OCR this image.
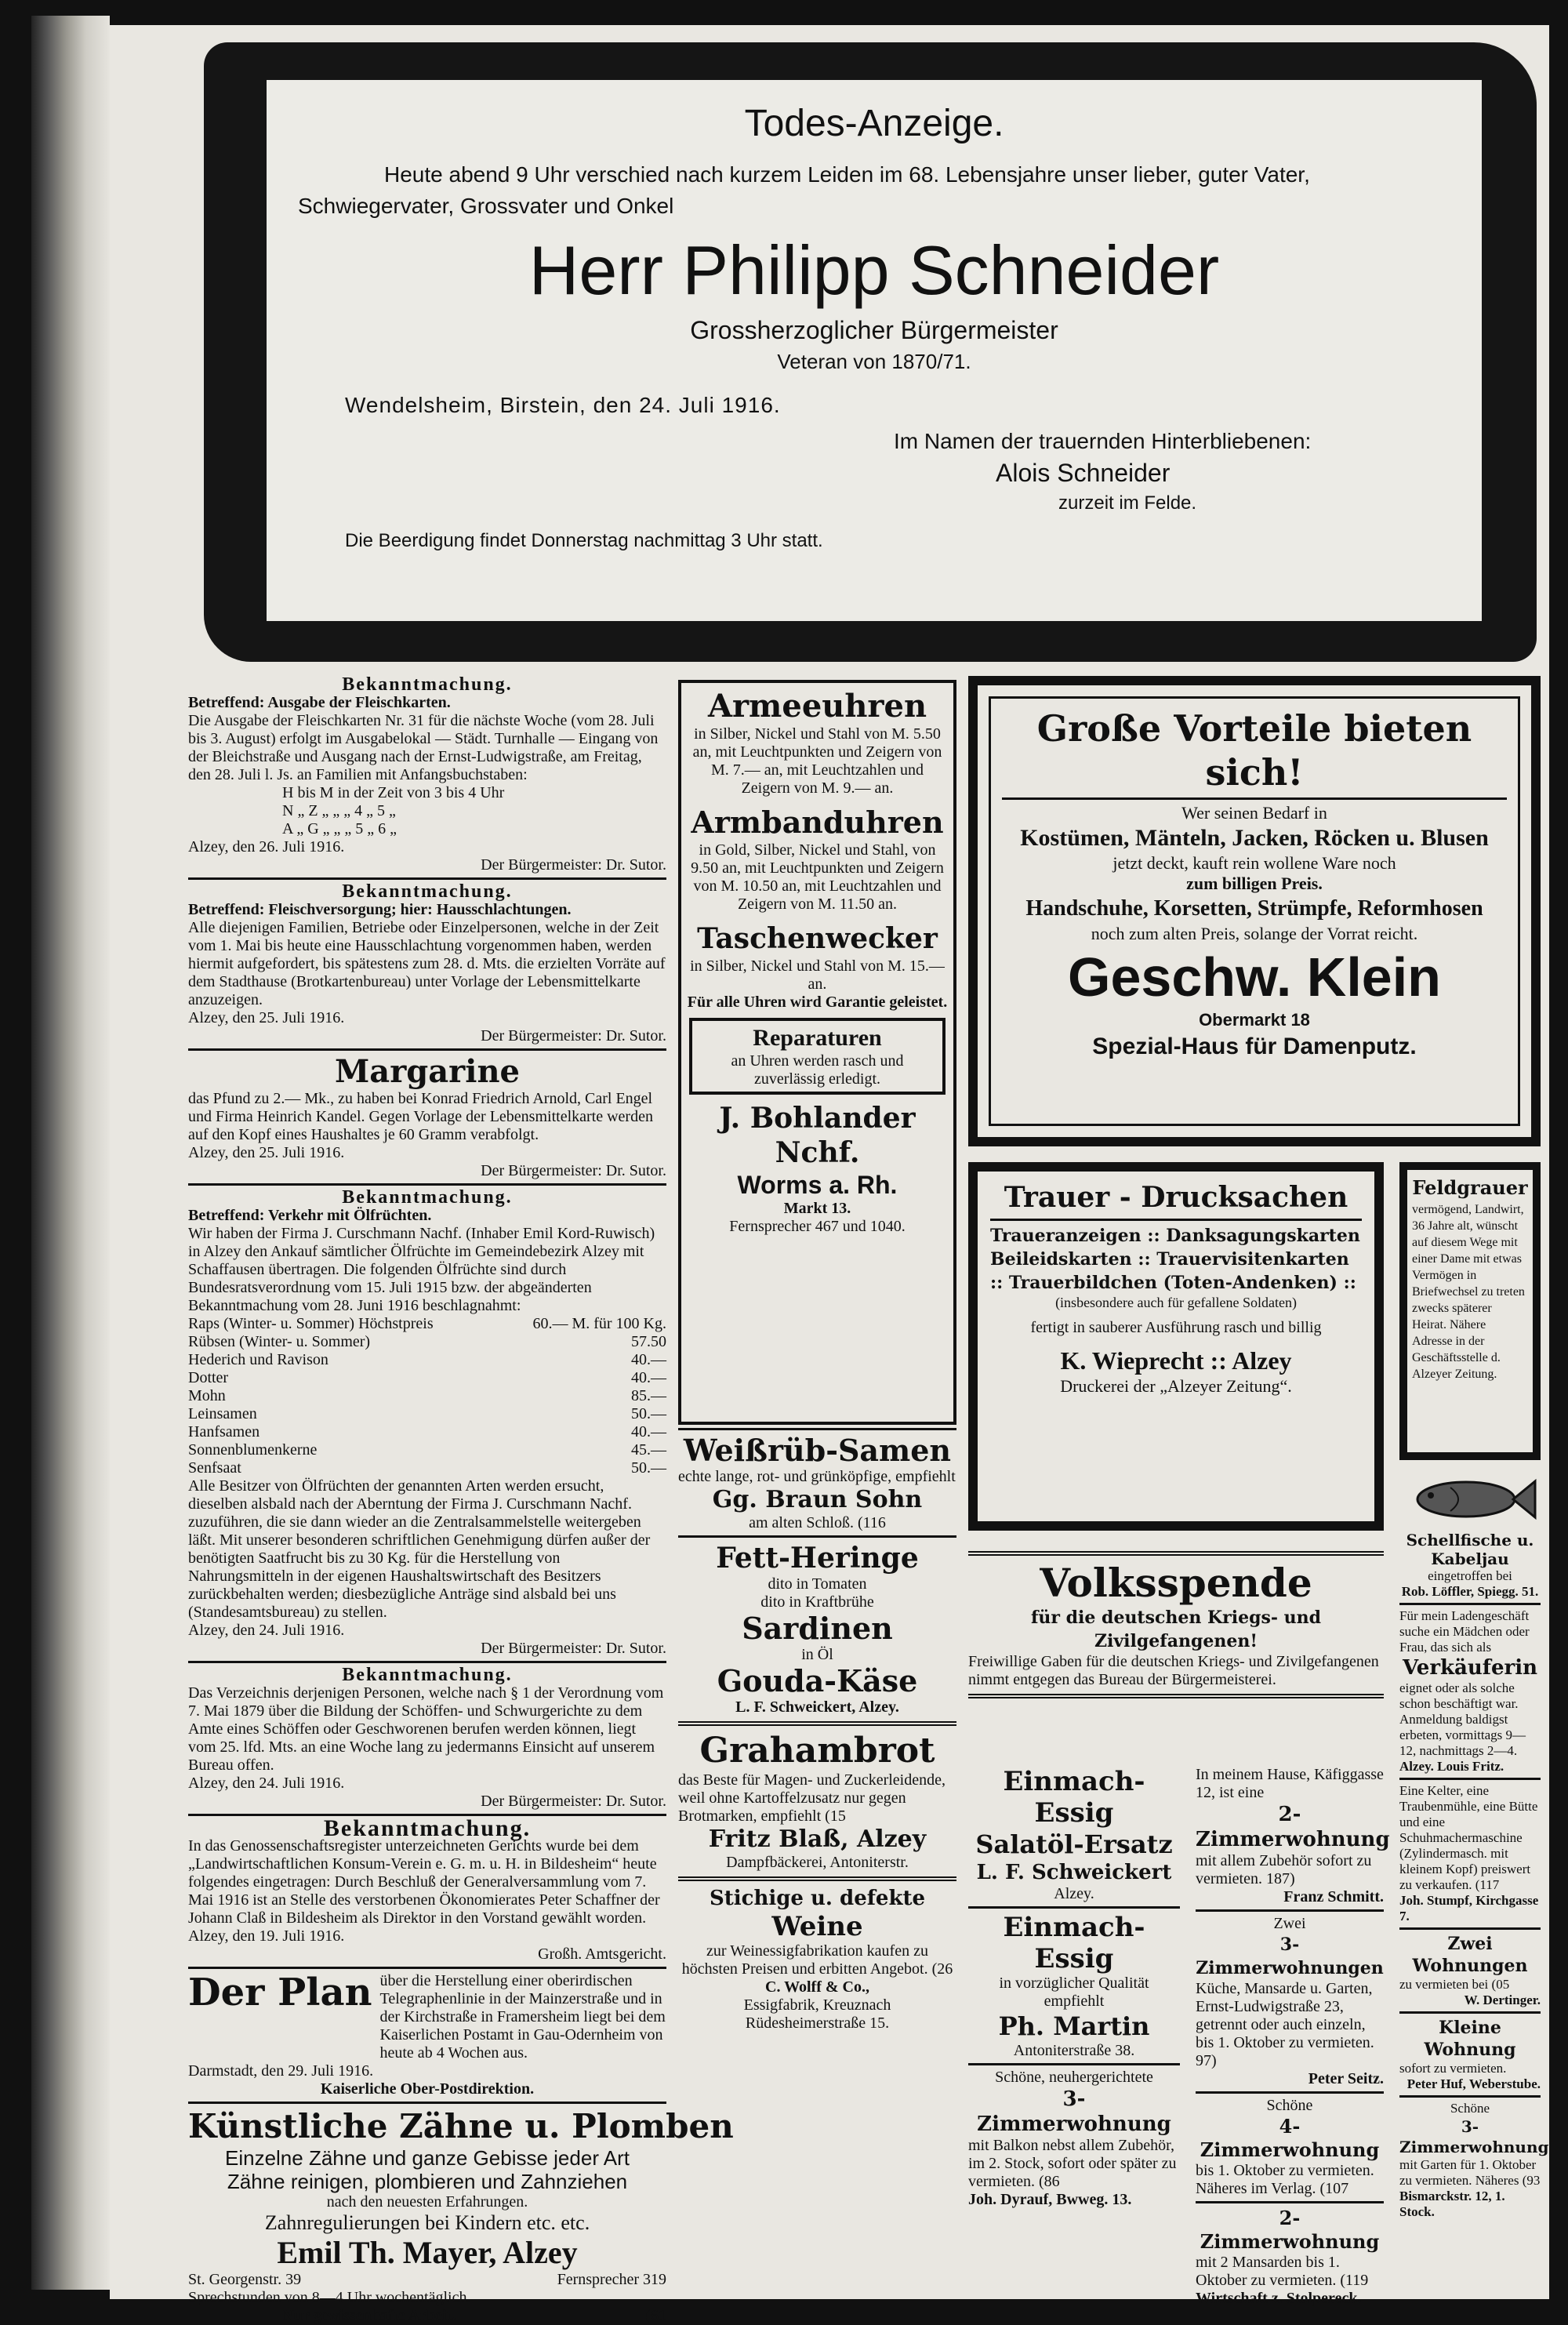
Todes-Anzeige.

Heute abend 9 Uhr verschied nach kurzem Leiden im 68. Lebensjahre unser lieber, guter Vater,

Schwiegervater, Grossvater und Onkel

Herr Philipp Schneider

Grossherzoglicher Bürgermeister

Veteran von 1870/71.

Wendelsheim, Birstein, den 24. Juli 1916.

Im Namen der trauernden Hinterbliebenen:

Alois Schneider

zurzeit im Felde.

Die Beerdigung findet Donnerstag nachmittag 3 Uhr statt.

Bekanntmachung.

Betreffend: Ausgabe der Fleischkarten.

Die Ausgabe der Fleischkarten Nr. 31 für die nächste Woche (vom 28. Juli bis 3. August) erfolgt im Ausgabelokal — Städt. Turnhalle — Eingang von der Bleichstraße und Ausgang nach der Ernst-Ludwigstraße, am Freitag, den 28. Juli l. Js. an Familien mit Anfangsbuchstaben:

H bis M in der Zeit von 3 bis 4 Uhr

N „ Z „ „ „ 4 „ 5 „

A „ G „ „ „ 5 „ 6 „

Alzey, den 26. Juli 1916.

Der Bürgermeister: Dr. Sutor.

Bekanntmachung.

Betreffend: Fleischversorgung; hier: Hausschlachtungen.

Alle diejenigen Familien, Betriebe oder Einzelpersonen, welche in der Zeit vom 1. Mai bis heute eine Hausschlachtung vorgenommen haben, werden hiermit aufgefordert, bis spätestens zum 28. d. Mts. die erzielten Vorräte auf dem Stadthause (Brotkartenbureau) unter Vorlage der Lebensmittelkarte anzuzeigen.

Alzey, den 25. Juli 1916.

Der Bürgermeister: Dr. Sutor.

Margarine

das Pfund zu 2.— Mk., zu haben bei Konrad Friedrich Arnold, Carl Engel und Firma Heinrich Kandel. Gegen Vorlage der Lebensmittelkarte werden auf den Kopf eines Haushaltes je 60 Gramm verabfolgt.

Alzey, den 25. Juli 1916.

Der Bürgermeister: Dr. Sutor.

Bekanntmachung.

Betreffend: Verkehr mit Ölfrüchten.

Wir haben der Firma J. Curschmann Nachf. (Inhaber Emil Kord-Ruwisch) in Alzey den Ankauf sämtlicher Ölfrüchte im Gemeindebezirk Alzey mit Schaffausen übertragen. Die folgenden Ölfrüchte sind durch Bundesratsverordnung vom 15. Juli 1915 bzw. der abgeänderten Bekanntmachung vom 28. Juni 1916 beschlagnahmt:

Raps (Winter- u. Sommer) Höchstpreis	60.— M. für 100 Kg.
Rübsen (Winter- u. Sommer)	57.50
Hederich und Ravison	40.—
Dotter	40.—
Mohn	85.—
Leinsamen	50.—
Hanfsamen	40.—
Sonnenblumenkerne	45.—
Senfsaat	50.—

Alle Besitzer von Ölfrüchten der genannten Arten werden ersucht, dieselben alsbald nach der Aberntung der Firma J. Curschmann Nachf. zuzuführen, die sie dann wieder an die Zentralsammelstelle weitergeben läßt. Mit unserer besonderen schriftlichen Genehmigung dürfen außer der benötigten Saatfrucht bis zu 30 Kg. für die Herstellung von Nahrungsmitteln in der eigenen Haushaltswirtschaft des Besitzers zurückbehalten werden; diesbezügliche Anträge sind alsbald bei uns (Standesamtsbureau) zu stellen.

Alzey, den 24. Juli 1916.

Der Bürgermeister: Dr. Sutor.

Bekanntmachung.

Das Verzeichnis derjenigen Personen, welche nach § 1 der Verordnung vom 7. Mai 1879 über die Bildung der Schöffen- und Schwurgerichte zu dem Amte eines Schöffen oder Geschworenen berufen werden können, liegt vom 25. lfd. Mts. an eine Woche lang zu jedermanns Einsicht auf unserem Bureau offen.

Alzey, den 24. Juli 1916.

Der Bürgermeister: Dr. Sutor.

Bekanntmachung.

In das Genossenschaftsregister unterzeichneten Gerichts wurde bei dem „Landwirtschaftlichen Konsum-Verein e. G. m. u. H. in Bildesheim“ heute folgendes eingetragen: Durch Beschluß der Generalversammlung vom 7. Mai 1916 ist an Stelle des verstorbenen Ökonomierates Peter Schaffner der Johann Claß in Bildesheim als Direktor in den Vorstand gewählt worden.

Alzey, den 19. Juli 1916.

Großh. Amtsgericht.

Der Plan über die Herstellung einer oberirdischen Telegraphenlinie in der Mainzerstraße und in der Kirchstraße in Framersheim liegt bei dem Kaiserlichen Postamt in Gau-Odernheim von heute ab 4 Wochen aus.

Darmstadt, den 29. Juli 1916.

Kaiserliche Ober-Postdirektion.

Künstliche Zähne u. Plomben

Einzelne Zähne und ganze Gebisse jeder Art

Zähne reinigen, plombieren und Zahnziehen

nach den neuesten Erfahrungen.

Zahnregulierungen bei Kindern etc. etc.

Emil Th. Mayer, Alzey

St. Georgenstr. 39	Fernsprecher 319

Sprechstunden von 8—4 Uhr wochentäglich.

Nur gewissenhafte Arbeit.	(61

Armeeuhren

in Silber, Nickel und Stahl von M. 5.50 an, mit Leuchtpunkten und Zeigern von M. 7.— an, mit Leuchtzahlen und Zeigern von M. 9.— an.

Armbanduhren

in Gold, Silber, Nickel und Stahl, von 9.50 an, mit Leuchtpunkten und Zeigern von M. 10.50 an, mit Leuchtzahlen und Zeigern von M. 11.50 an.

Taschenwecker

in Silber, Nickel und Stahl von M. 15.— an.

Für alle Uhren wird Garantie geleistet.

Reparaturen

an Uhren werden rasch und zuverlässig erledigt.

J. Bohlander Nchf.

Worms a. Rh.

Markt 13.

Fernsprecher 467 und 1040.

Weißrüb-Samen

echte lange, rot- und grünköpfige, empfiehlt

Gg. Braun Sohn

am alten Schloß. (116

Fett-Heringe

dito in Tomaten

dito in Kraftbrühe

Sardinen

in Öl

Gouda-Käse

L. F. Schweickert, Alzey.

Grahambrot

das Beste für Magen- und Zuckerleidende, weil ohne Kartoffelzusatz nur gegen Brotmarken, empfiehlt (15

Fritz Blaß, Alzey

Dampfbäckerei, Antoniterstr.

Stichige u. defekte

Weine

zur Weinessigfabrikation kaufen zu höchsten Preisen und erbitten Angebot. (26

C. Wolff & Co.,

Essigfabrik, Kreuznach

Rüdesheimerstraße 15.

Große Vorteile bieten sich!

Wer seinen Bedarf in

Kostümen, Mänteln, Jacken, Röcken u. Blusen

jetzt deckt, kauft rein wollene Ware noch

zum billigen Preis.

Handschuhe, Korsetten, Strümpfe, Reformhosen

noch zum alten Preis, solange der Vorrat reicht.

Geschw. Klein

Obermarkt 18

Spezial-Haus für Damenputz.

Trauer - Drucksachen

Traueranzeigen :: Danksagungskarten

Beileidskarten :: Trauervisitenkarten

:: Trauerbildchen (Toten-Andenken) ::

(insbesondere auch für gefallene Soldaten)

fertigt in sauberer Ausführung rasch und billig

K. Wieprecht :: Alzey

Druckerei der „Alzeyer Zeitung“.

Feldgrauer

vermögend, Landwirt, 36 Jahre alt, wünscht auf diesem Wege mit einer Dame mit etwas Vermögen in Briefwechsel zu treten zwecks späterer Heirat. Nähere Adresse in der Geschäftsstelle d. Alzeyer Zeitung.

Volksspende

für die deutschen Kriegs- und Zivilgefangenen!

Freiwillige Gaben für die deutschen Kriegs- und Zivilgefangenen nimmt entgegen das Bureau der Bürgermeisterei.

Einmach-Essig

Salatöl-Ersatz

L. F. Schweickert

Alzey.

Einmach-Essig

in vorzüglicher Qualität empfiehlt

Ph. Martin

Antoniterstraße 38.

Schöne, neuhergerichtete

3-Zimmerwohnung

mit Balkon nebst allem Zubehör, im 2. Stock, sofort oder später zu vermieten. (86

Joh. Dyrauf, Bwweg. 13.

In meinem Hause, Käfiggasse 12, ist eine

2-Zimmerwohnung

mit allem Zubehör sofort zu vermieten. 187)

Franz Schmitt.

Zwei

3-Zimmerwohnungen

Küche, Mansarde u. Garten, Ernst-Ludwigstraße 23, getrennt oder auch einzeln, bis 1. Oktober zu vermieten. 97)

Peter Seitz.

Schöne

4-Zimmerwohnung

bis 1. Oktober zu vermieten. Näheres im Verlag. (107

2-Zimmerwohnung

mit 2 Mansarden bis 1. Oktober zu vermieten. (119

Wirtschaft z. Stolpereck.

Schellfische u. Kabeljau

eingetroffen bei

Rob. Löffler, Spiegg. 51.

Für mein Ladengeschäft suche ein Mädchen oder Frau, das sich als

Verkäuferin

eignet oder als solche schon beschäftigt war. Anmeldung baldigst erbeten, vormittags 9—12, nachmittags 2—4.

Alzey. Louis Fritz.

Eine Kelter, eine Traubenmühle, eine Bütte und eine Schuhmachermaschine (Zylindermasch. mit kleinem Kopf) preiswert zu verkaufen. (117

Joh. Stumpf, Kirchgasse 7.

Zwei Wohnungen

zu vermieten bei (05

W. Dertinger.

Kleine Wohnung

sofort zu vermieten.

Peter Huf, Weberstube.

Schöne

3-Zimmerwohnung

mit Garten für 1. Oktober zu vermieten. Näheres (93

Bismarckstr. 12, 1. Stock.
